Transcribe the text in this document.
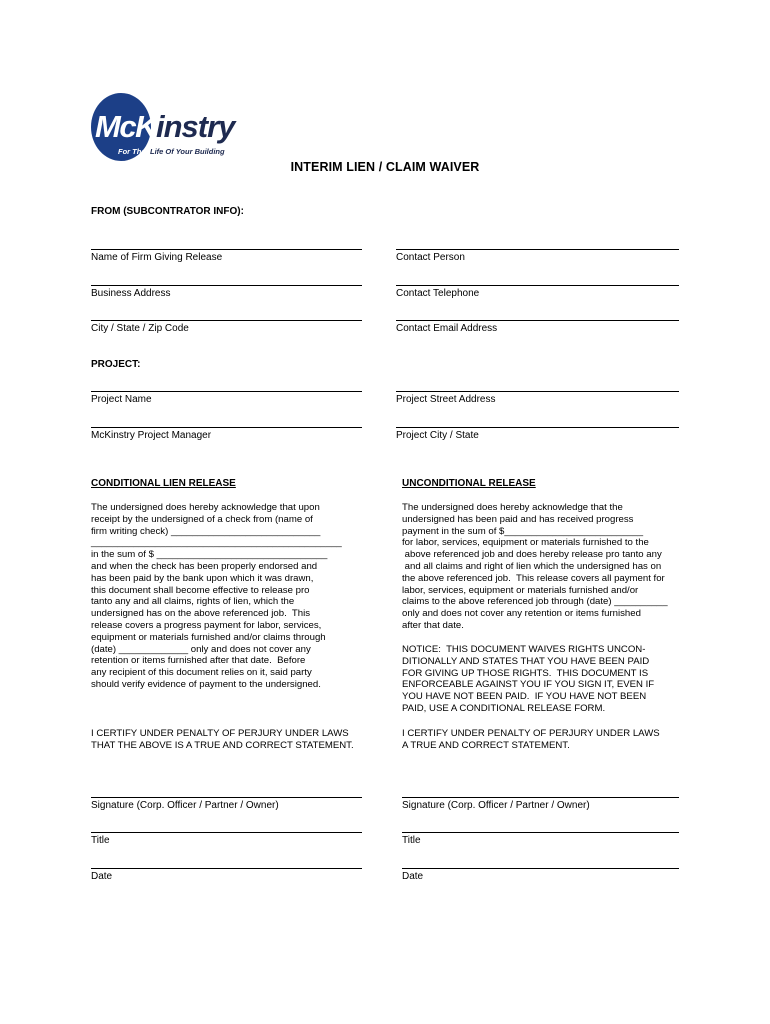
McK instry
For The Life Of Your Building
INTERIM LIEN / CLAIM WAIVER
FROM (SUBCONTRATOR INFO):
Name of Firm Giving Release	Contact Person
Business Address	Contact Telephone
City / State / Zip Code	Contact Email Address
PROJECT:
Project Name	Project Street Address
McKinstry Project Manager	Project City / State
CONDITIONAL LIEN RELEASE
The undersigned does hereby acknowledge that upon
receipt by the undersigned of a check from (name of
firm writing check) ____________________________
_______________________________________________
in the sum of $ ________________________________
and when the check has been properly endorsed and
has been paid by the bank upon which it was drawn,
this document shall become effective to release pro
tanto any and all claims, rights of lien, which the
undersigned has on the above referenced job.  This
release covers a progress payment for labor, services,
equipment or materials furnished and/or claims through
(date) _____________ only and does not cover any
retention or items furnished after that date.  Before
any recipient of this document relies on it, said party
should verify evidence of payment to the undersigned.
I CERTIFY UNDER PENALTY OF PERJURY UNDER LAWS
THAT THE ABOVE IS A TRUE AND CORRECT STATEMENT.
Signature (Corp. Officer / Partner / Owner)
Title
Date
UNCONDITIONAL RELEASE
The undersigned does hereby acknowledge that the
undersigned has been paid and has received progress
payment in the sum of $__________________________
for labor, services, equipment or materials furnished to the
above referenced job and does hereby release pro tanto any
and all claims and right of lien which the undersigned has on
the above referenced job.  This release covers all payment for
labor, services, equipment or materials furnished and/or
claims to the above referenced job through (date) __________
only and does not cover any retention or items furnished
after that date.
NOTICE:  THIS DOCUMENT WAIVES RIGHTS UNCON-
DITIONALLY AND STATES THAT YOU HAVE BEEN PAID
FOR GIVING UP THOSE RIGHTS.  THIS DOCUMENT IS
ENFORCEABLE AGAINST YOU IF YOU SIGN IT, EVEN IF
YOU HAVE NOT BEEN PAID.  IF YOU HAVE NOT BEEN
PAID, USE A CONDITIONAL RELEASE FORM.
I CERTIFY UNDER PENALTY OF PERJURY UNDER LAWS
A TRUE AND CORRECT STATEMENT.
Signature (Corp. Officer / Partner / Owner)
Title
Date
